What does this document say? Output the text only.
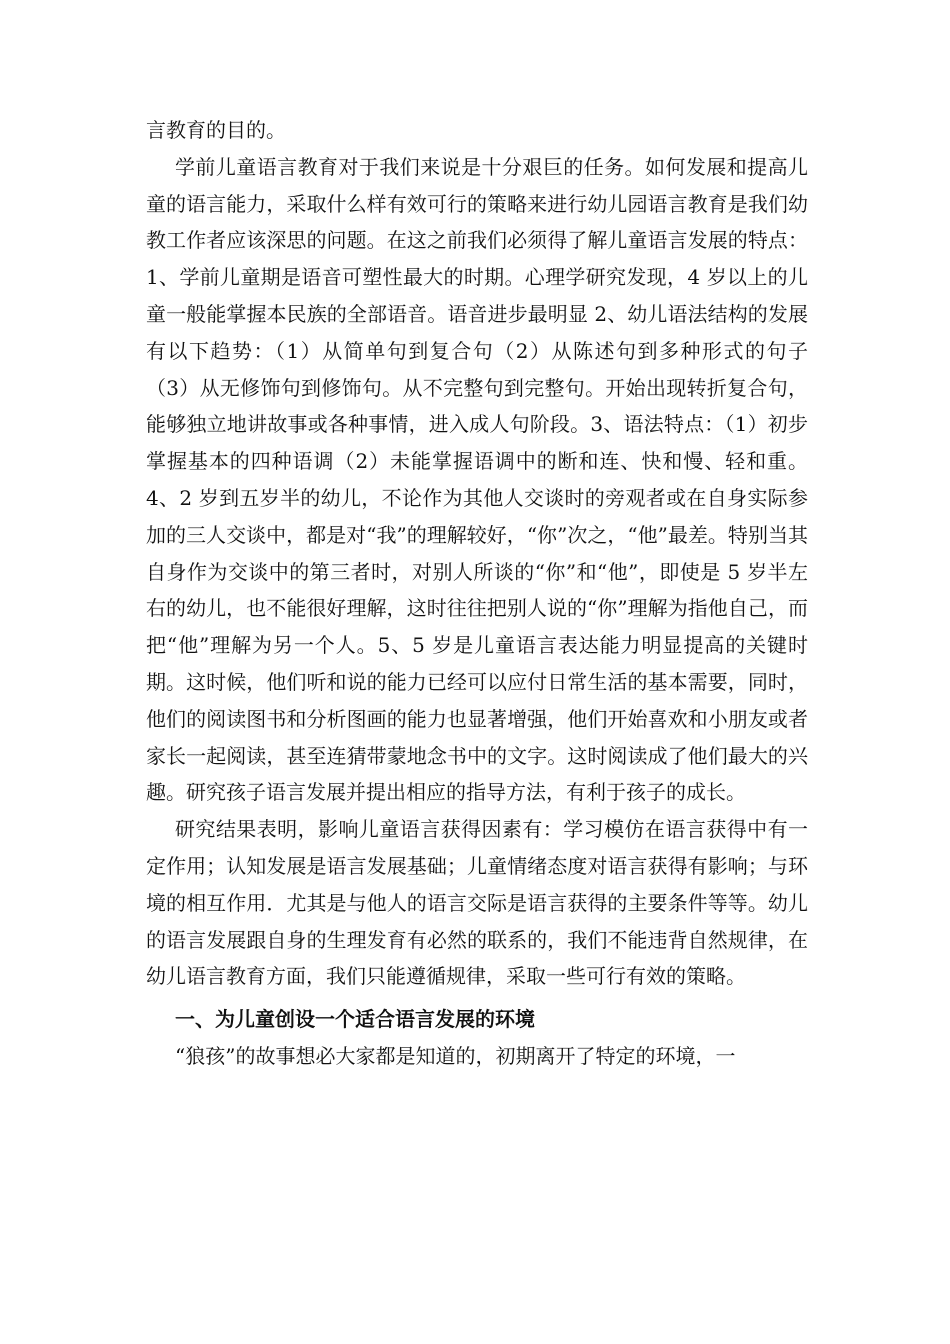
言教育的目的。

学前儿童语言教育对于我们来说是十分艰巨的任务。如何发展和提高儿童的语言能力，采取什么样有效可行的策略来进行幼儿园语言教育是我们幼教工作者应该深思的问题。在这之前我们必须得了解儿童语言发展的特点：1、学前儿童期是语音可塑性最大的时期。心理学研究发现，4 岁以上的儿童一般能掌握本民族的全部语音。语音进步最明显 2、幼儿语法结构的发展有以下趋势：（1）从简单句到复合句（2）从陈述句到多种形式的句子 （3）从无修饰句到修饰句。从不完整句到完整句。开始出现转折复合句，能够独立地讲故事或各种事情，进入成人句阶段。3、语法特点：（1）初步掌握基本的四种语调（2）未能掌握语调中的断和连、快和慢、轻和重。4、2 岁到五岁半的幼儿，不论作为其他人交谈时的旁观者或在自身实际参加的三人交谈中，都是对“我”的理解较好，“你”次之，“他”最差。特别当其自身作为交谈中的第三者时，对别人所谈的“你”和“他”，即使是 5 岁半左右的幼儿，也不能很好理解，这时往往把别人说的“你”理解为指他自己，而把“他”理解为另一个人。5、5 岁是儿童语言表达能力明显提高的关键时期。这时候，他们听和说的能力已经可以应付日常生活的基本需要，同时，他们的阅读图书和分析图画的能力也显著增强，他们开始喜欢和小朋友或者家长一起阅读，甚至连猜带蒙地念书中的文字。这时阅读成了他们最大的兴趣。研究孩子语言发展并提出相应的指导方法，有利于孩子的成长。

研究结果表明，影响儿童语言获得因素有：学习模仿在语言获得中有一定作用；认知发展是语言发展基础；儿童情绪态度对语言获得有影响；与环境的相互作用．尤其是与他人的语言交际是语言获得的主要条件等等。幼儿的语言发展跟自身的生理发育有必然的联系的，我们不能违背自然规律，在幼儿语言教育方面，我们只能遵循规律，采取一些可行有效的策略。

一、为儿童创设一个适合语言发展的环境

“狼孩”的故事想必大家都是知道的，初期离开了特定的环境，一
